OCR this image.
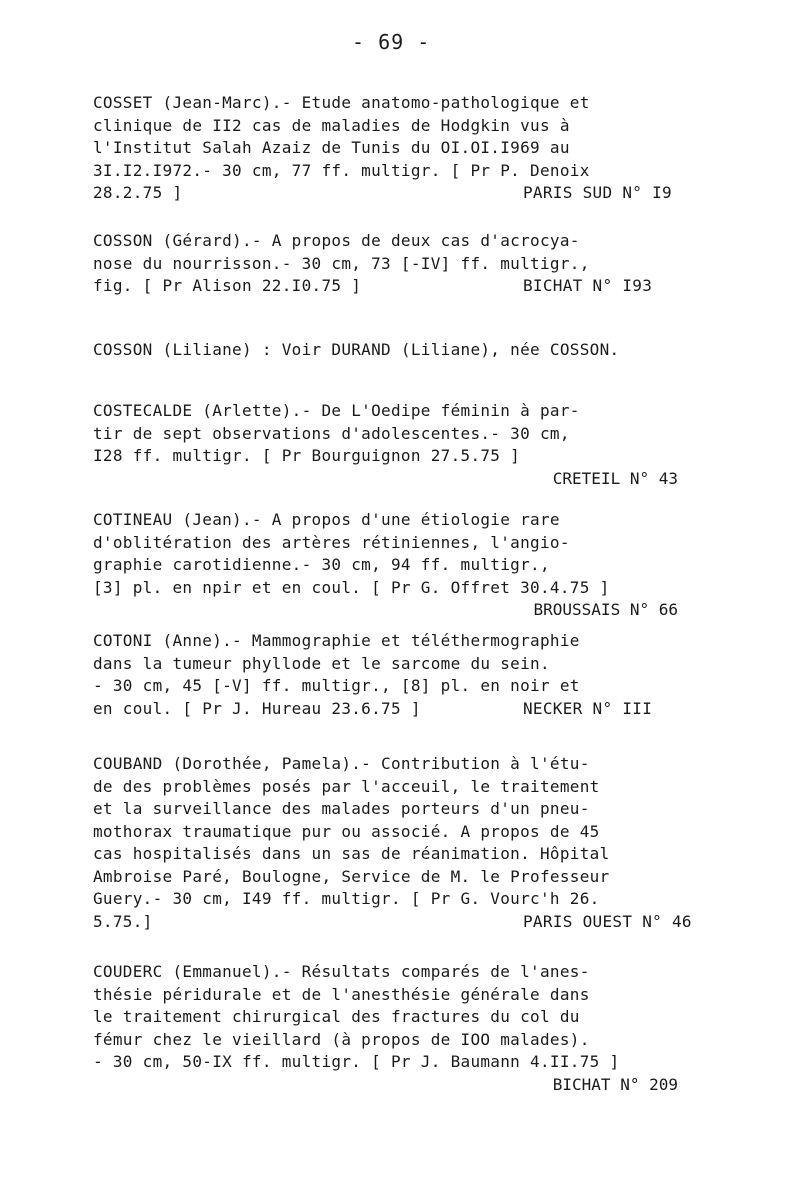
- 69 -
COSSET (Jean-Marc).- Etude anatomo-pathologique et
clinique de II2 cas de maladies de Hodgkin vus à
l'Institut Salah Azaiz de Tunis du OI.OI.I969 au
3I.I2.I972.- 30 cm, 77 ff. multigr. [ Pr P. Denoix
28.2.75 ]	PARIS SUD N° I9
COSSON (Gérard).- A propos de deux cas d'acrocya-
nose du nourrisson.- 30 cm, 73 [-IV] ff. multigr.,
fig. [ Pr Alison 22.I0.75 ]	BICHAT N° I93
COSSON (Liliane) : Voir DURAND (Liliane), née COSSON.
COSTECALDE (Arlette).- De L'Oedipe féminin à par-
tir de sept observations d'adolescentes.- 30 cm,
I28 ff. multigr. [ Pr Bourguignon 27.5.75 ]
CRETEIL N° 43
COTINEAU (Jean).- A propos d'une étiologie rare
d'oblitération des artères rétiniennes, l'angio-
graphie carotidienne.- 30 cm, 94 ff. multigr.,
[3] pl. en npir et en coul. [ Pr G. Offret 30.4.75 ]
BROUSSAIS N° 66
COTONI (Anne).- Mammographie et téléthermographie
dans la tumeur phyllode et le sarcome du sein.
- 30 cm, 45 [-V] ff. multigr., [8] pl. en noir et
en coul. [ Pr J. Hureau 23.6.75 ]	NECKER N° III
COUBAND (Dorothée, Pamela).- Contribution à l'étu-
de des problèmes posés par l'acceuil, le traitement
et la surveillance des malades porteurs d'un pneu-
mothorax traumatique pur ou associé. A propos de 45
cas hospitalisés dans un sas de réanimation. Hôpital
Ambroise Paré, Boulogne, Service de M. le Professeur
Guery.- 30 cm, I49 ff. multigr. [ Pr G. Vourc'h 26.
5.75.]	PARIS OUEST N° 46
COUDERC (Emmanuel).- Résultats comparés de l'anes-
thésie péridurale et de l'anesthésie générale dans
le traitement chirurgical des fractures du col du
fémur chez le vieillard (à propos de IOO malades).
- 30 cm, 50-IX ff. multigr. [ Pr J. Baumann 4.II.75 ]
BICHAT N° 209
